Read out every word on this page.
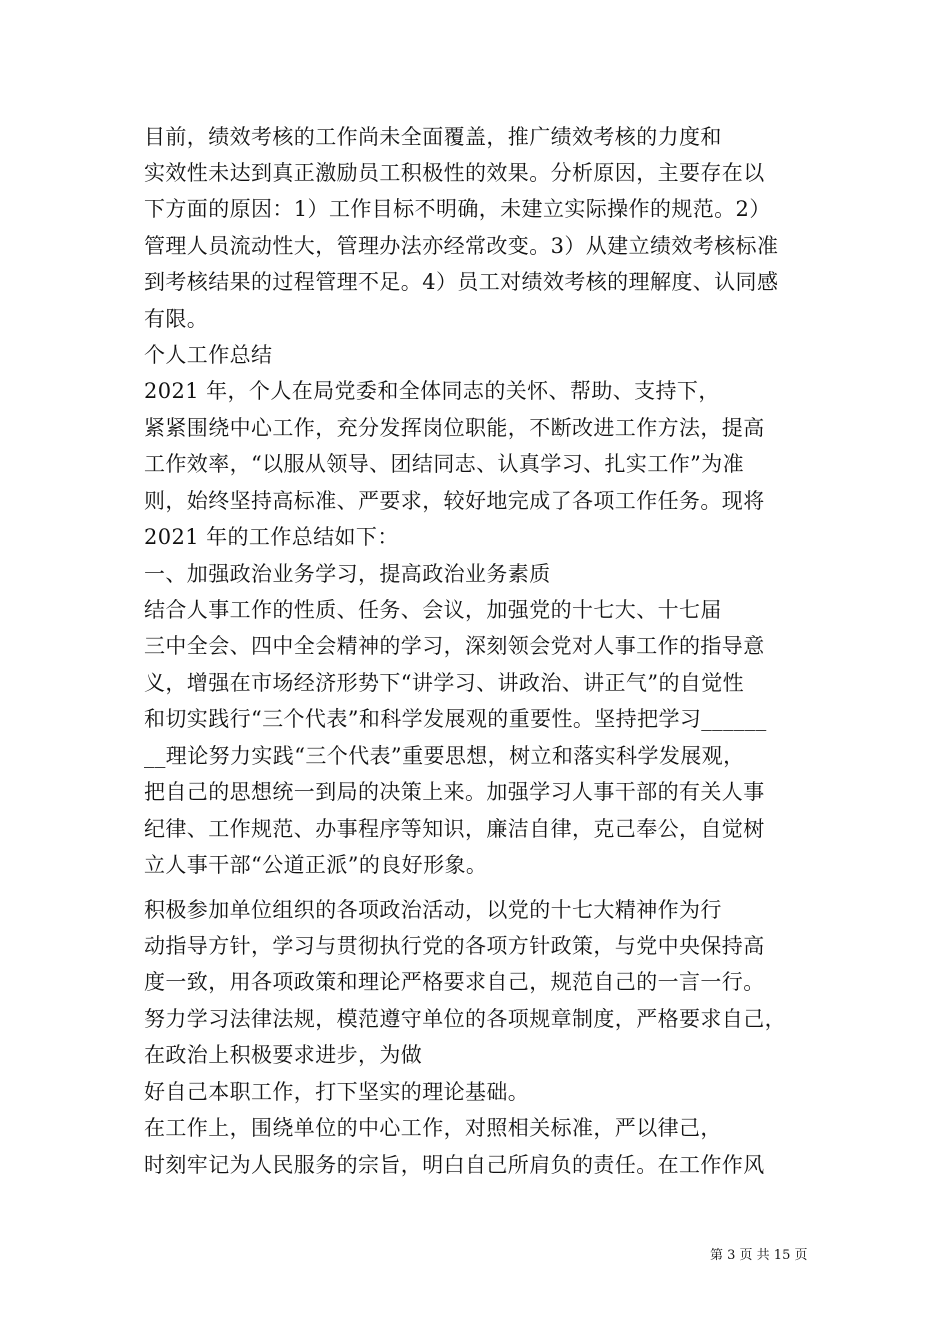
目前，绩效考核的工作尚未全面覆盖，推广绩效考核的力度和
实效性未达到真正激励员工积极性的效果。分析原因，主要存在以
下方面的原因：1）工作目标不明确，未建立实际操作的规范。2）
管理人员流动性大，管理办法亦经常改变。3）从建立绩效考核标准
到考核结果的过程管理不足。4）员工对绩效考核的理解度、认同感
有限。
个人工作总结
2021 年，个人在局党委和全体同志的关怀、帮助、支持下，
紧紧围绕中心工作，充分发挥岗位职能，不断改进工作方法，提高
工作效率，“以服从领导、团结同志、认真学习、扎实工作”为准
则，始终坚持高标准、严要求，较好地完成了各项工作任务。现将
2021 年的工作总结如下：
一、加强政治业务学习，提高政治业务素质
结合人事工作的性质、任务、会议，加强党的十七大、十七届
三中全会、四中全会精神的学习，深刻领会党对人事工作的指导意
义，增强在市场经济形势下“讲学习、讲政治、讲正气”的自觉性
和切实践行“三个代表”和科学发展观的重要性。坚持把学习______
__理论努力实践“三个代表”重要思想，树立和落实科学发展观，
把自己的思想统一到局的决策上来。加强学习人事干部的有关人事
纪律、工作规范、办事程序等知识，廉洁自律，克己奉公，自觉树
立人事干部“公道正派”的良好形象。
积极参加单位组织的各项政治活动，以党的十七大精神作为行
动指导方针，学习与贯彻执行党的各项方针政策，与党中央保持高
度一致，用各项政策和理论严格要求自己，规范自己的一言一行。
努力学习法律法规，模范遵守单位的各项规章制度，严格要求自己，
在政治上积极要求进步，为做
好自己本职工作，打下坚实的理论基础。
在工作上，围绕单位的中心工作，对照相关标准，严以律己，
时刻牢记为人民服务的宗旨，明白自己所肩负的责任。在工作作风
第 3 页 共 15 页
